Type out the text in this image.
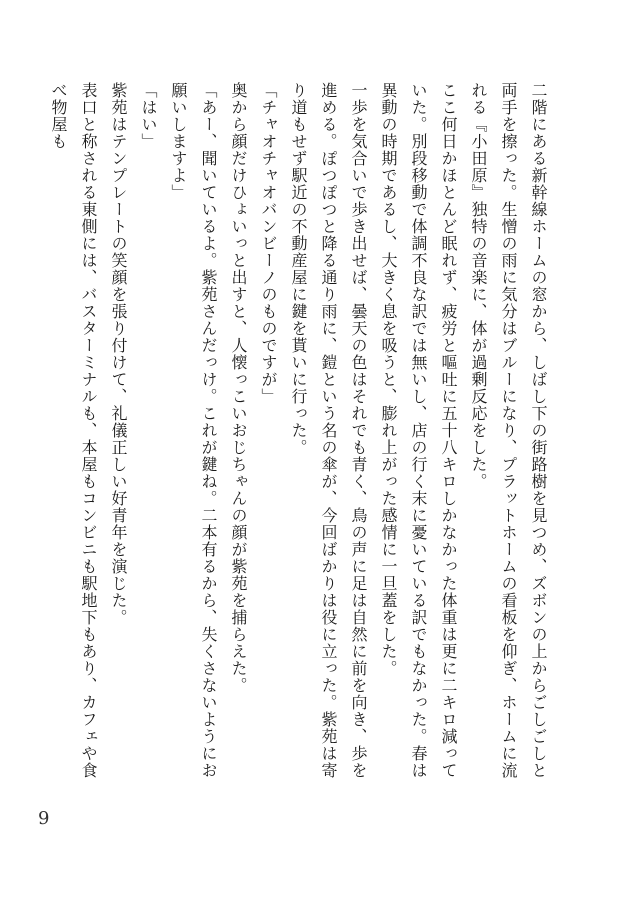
二階にある新幹線ホームの窓から、しばし下の街路樹を見つめ、ズボンの上からごしごしと両手を擦った。生憎の雨に気分はブルーになり、プラットホームの看板を仰ぎ、ホームに流れる『小田原』独特の音楽に、体が過剰反応をした。

ここ何日かほとんど眠れず、疲労と嘔吐に五十八キロしかなかった体重は更に二キロ減っていた。別段移動で体調不良な訳では無いし、店の行く末に憂いている訳でもなかった。春は異動の時期であるし、大きく息を吸うと、膨れ上がった感情に一旦蓋をした。

一歩を気合いで歩き出せば、曇天の色はそれでも青く、鳥の声に足は自然に前を向き、歩を進める。ぽつぽつと降る通り雨に、鎧という名の傘が、今回ばかりは役に立った。紫苑は寄り道もせず駅近の不動産屋に鍵を貰いに行った。

「チャオチャオバンビーノのものですが」

奥から顔だけひょいっと出すと、人懐っこいおじちゃんの顔が紫苑を捕らえた。

「あー、聞いているよ。紫苑さんだっけ。これが鍵ね。二本有るから、失くさないようにお願いしますよ」

「はい」

紫苑はテンプレートの笑顔を張り付けて、礼儀正しい好青年を演じた。

表口と称される東側には、バスターミナルも、本屋もコンビニも駅地下もあり、カフェや食べ物屋も

9
